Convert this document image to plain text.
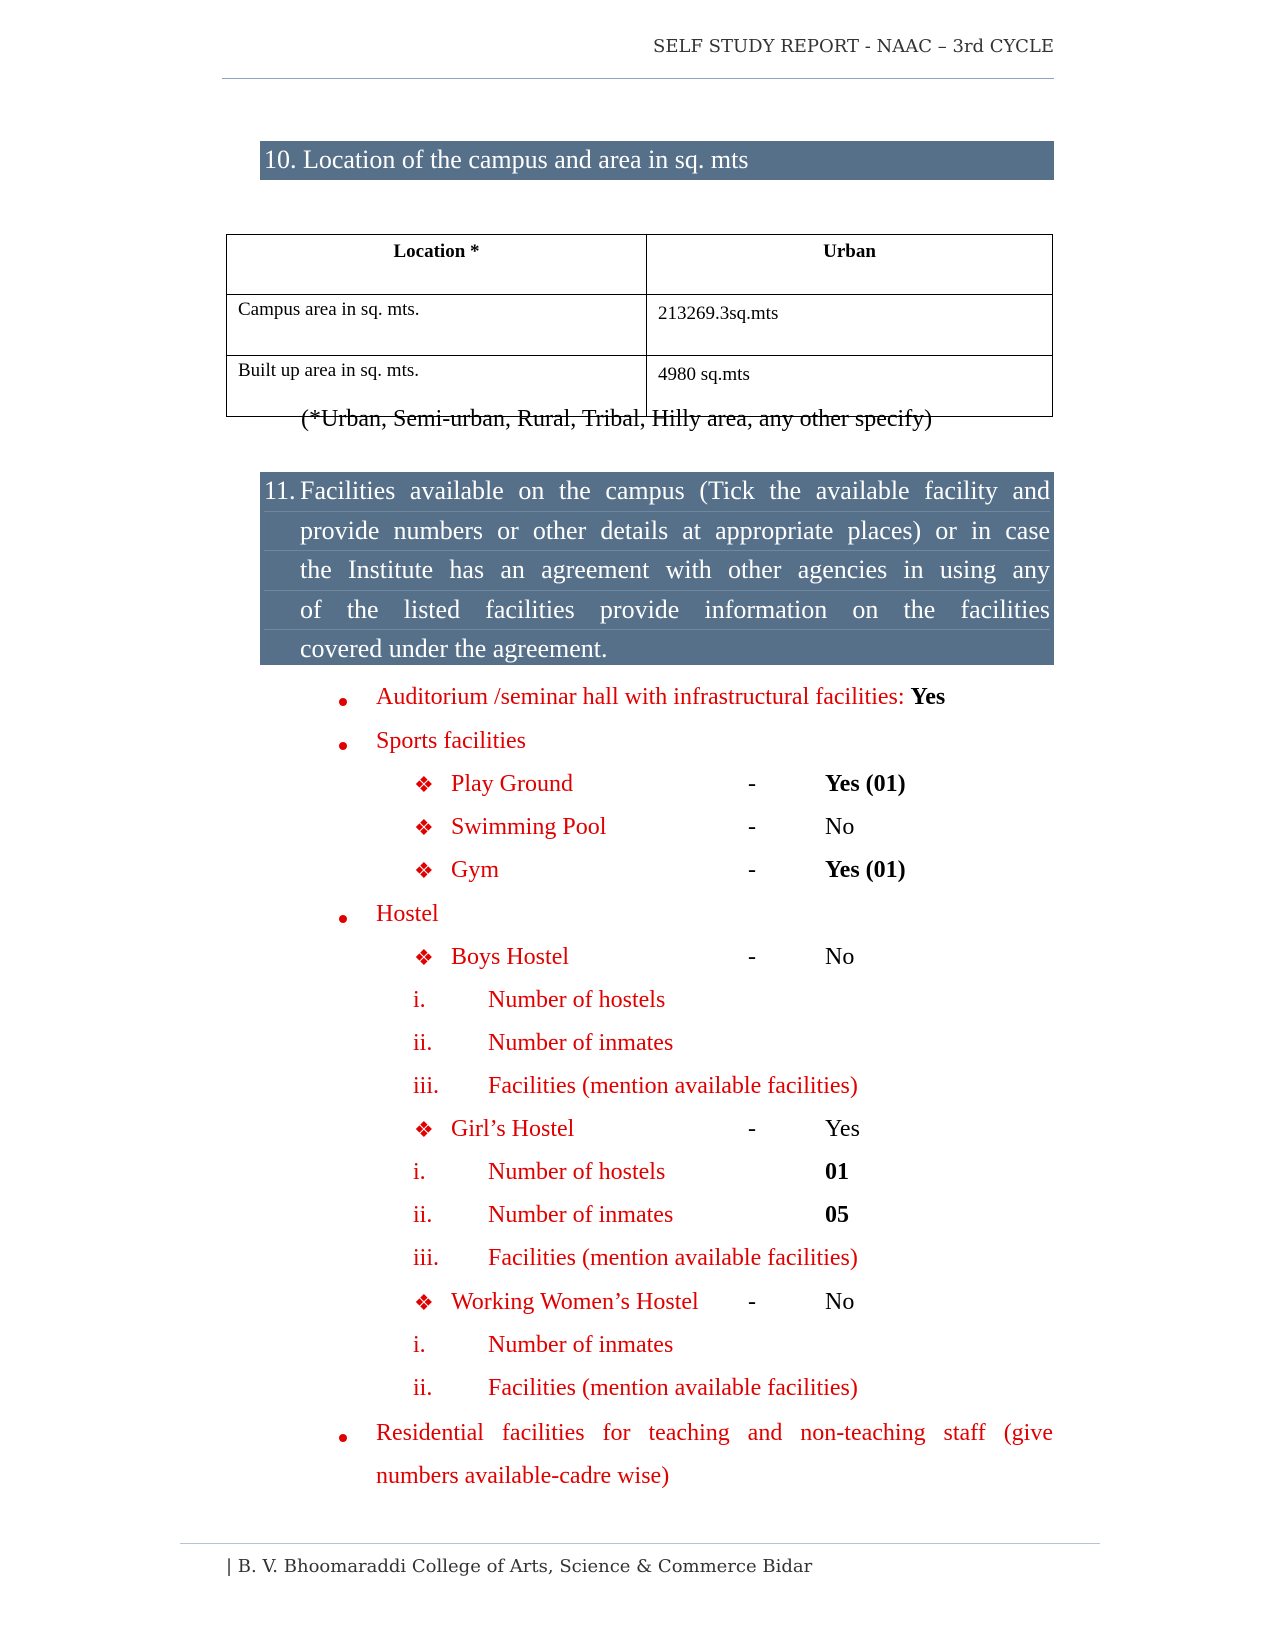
SELF STUDY REPORT - NAAC – 3rd CYCLE
10. Location of the campus and area in sq. mts
Location *	Urban
Campus area in sq. mts.	213269.3sq.mts
Built up area in sq. mts.	4980 sq.mts
(*Urban, Semi-urban, Rural, Tribal, Hilly area, any other specify)
11. Facilities available on the campus (Tick the available facility and
provide numbers or other details at appropriate places) or in case
the Institute has an agreement with other agencies in using any
of the listed facilities provide information on the facilities
covered under the agreement.
Auditorium /seminar hall with infrastructural facilities: Yes
Sports facilities
❖ Play Ground	-	Yes (01)
❖ Swimming Pool	-	No
❖ Gym	-	Yes (01)
Hostel
❖ Boys Hostel	-	No
i.	Number of hostels
ii. Number of inmates
iii. Facilities (mention available facilities)
❖ Girl’s Hostel	-	Yes
i.	Number of hostels	01
ii. Number of inmates	05
iii. Facilities (mention available facilities)
❖ Working Women’s Hostel -	No
i.	Number of inmates
ii. Facilities (mention available facilities)
Residential facilities for teaching and non-teaching staff (give
numbers available-cadre wise)
| B. V. Bhoomaraddi College of Arts, Science & Commerce Bidar
